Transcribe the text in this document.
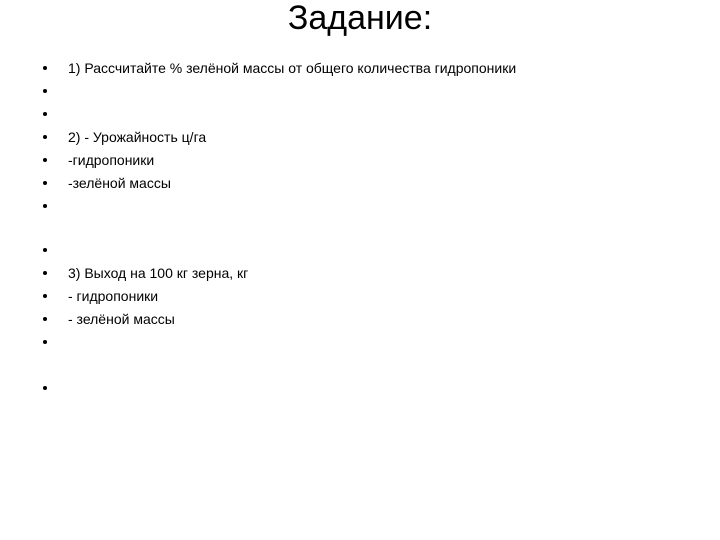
Задание:
1) Рассчитайте % зелёной массы от общего количества гидропоники
2) - Урожайность ц/га
-гидропоники
-зелёной массы
3) Выход на 100 кг зерна, кг
- гидропоники
- зелёной массы
